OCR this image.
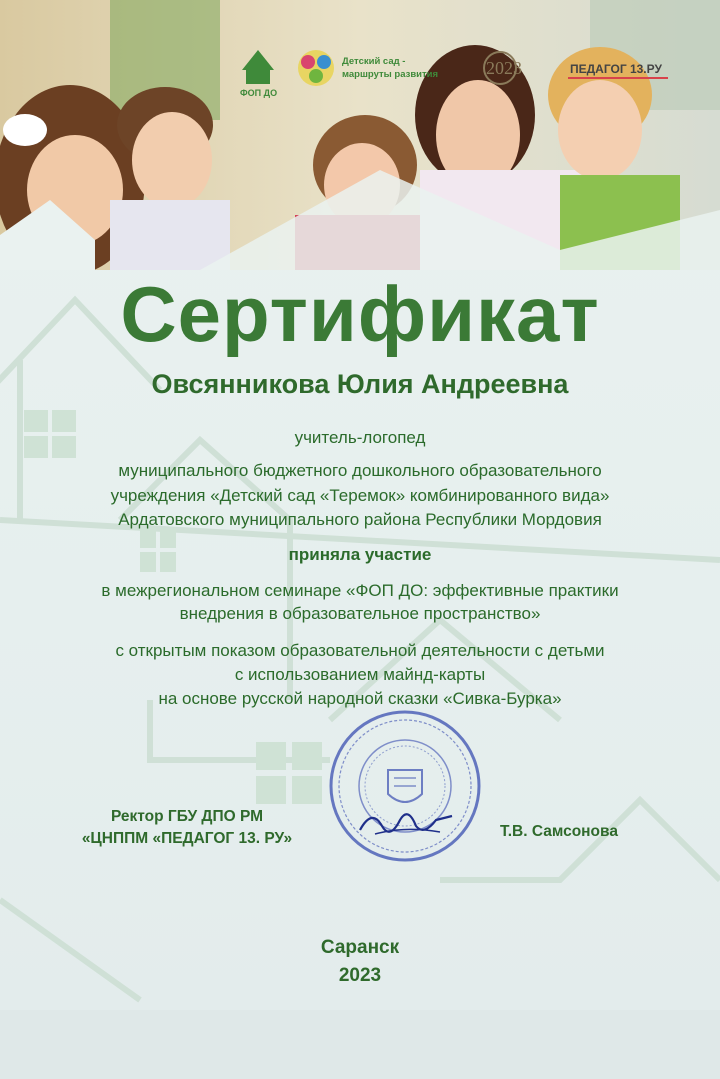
ФОП ДО
Детский сад -
маршруты развития	2023	ПЕДАГОГ 13.РУ
Сертификат
Овсянникова Юлия Андреевна
учитель-логопед
муниципального бюджетного дошкольного образовательного
учреждения «Детский сад «Теремок» комбинированного вида»
Ардатовского муниципального района Республики Мордовия
приняла участие
в межрегиональном семинаре «ФОП ДО: эффективные практики
внедрения в образовательное пространство»
с открытым показом образовательной деятельности с детьми
с использованием майнд-карты
на основе русской народной сказки «Сивка-Бурка»
Ректор ГБУ ДПО РМ
«ЦНППМ «ПЕДАГОГ 13. РУ»	Т.В. Самсонова
Саранск
2023
